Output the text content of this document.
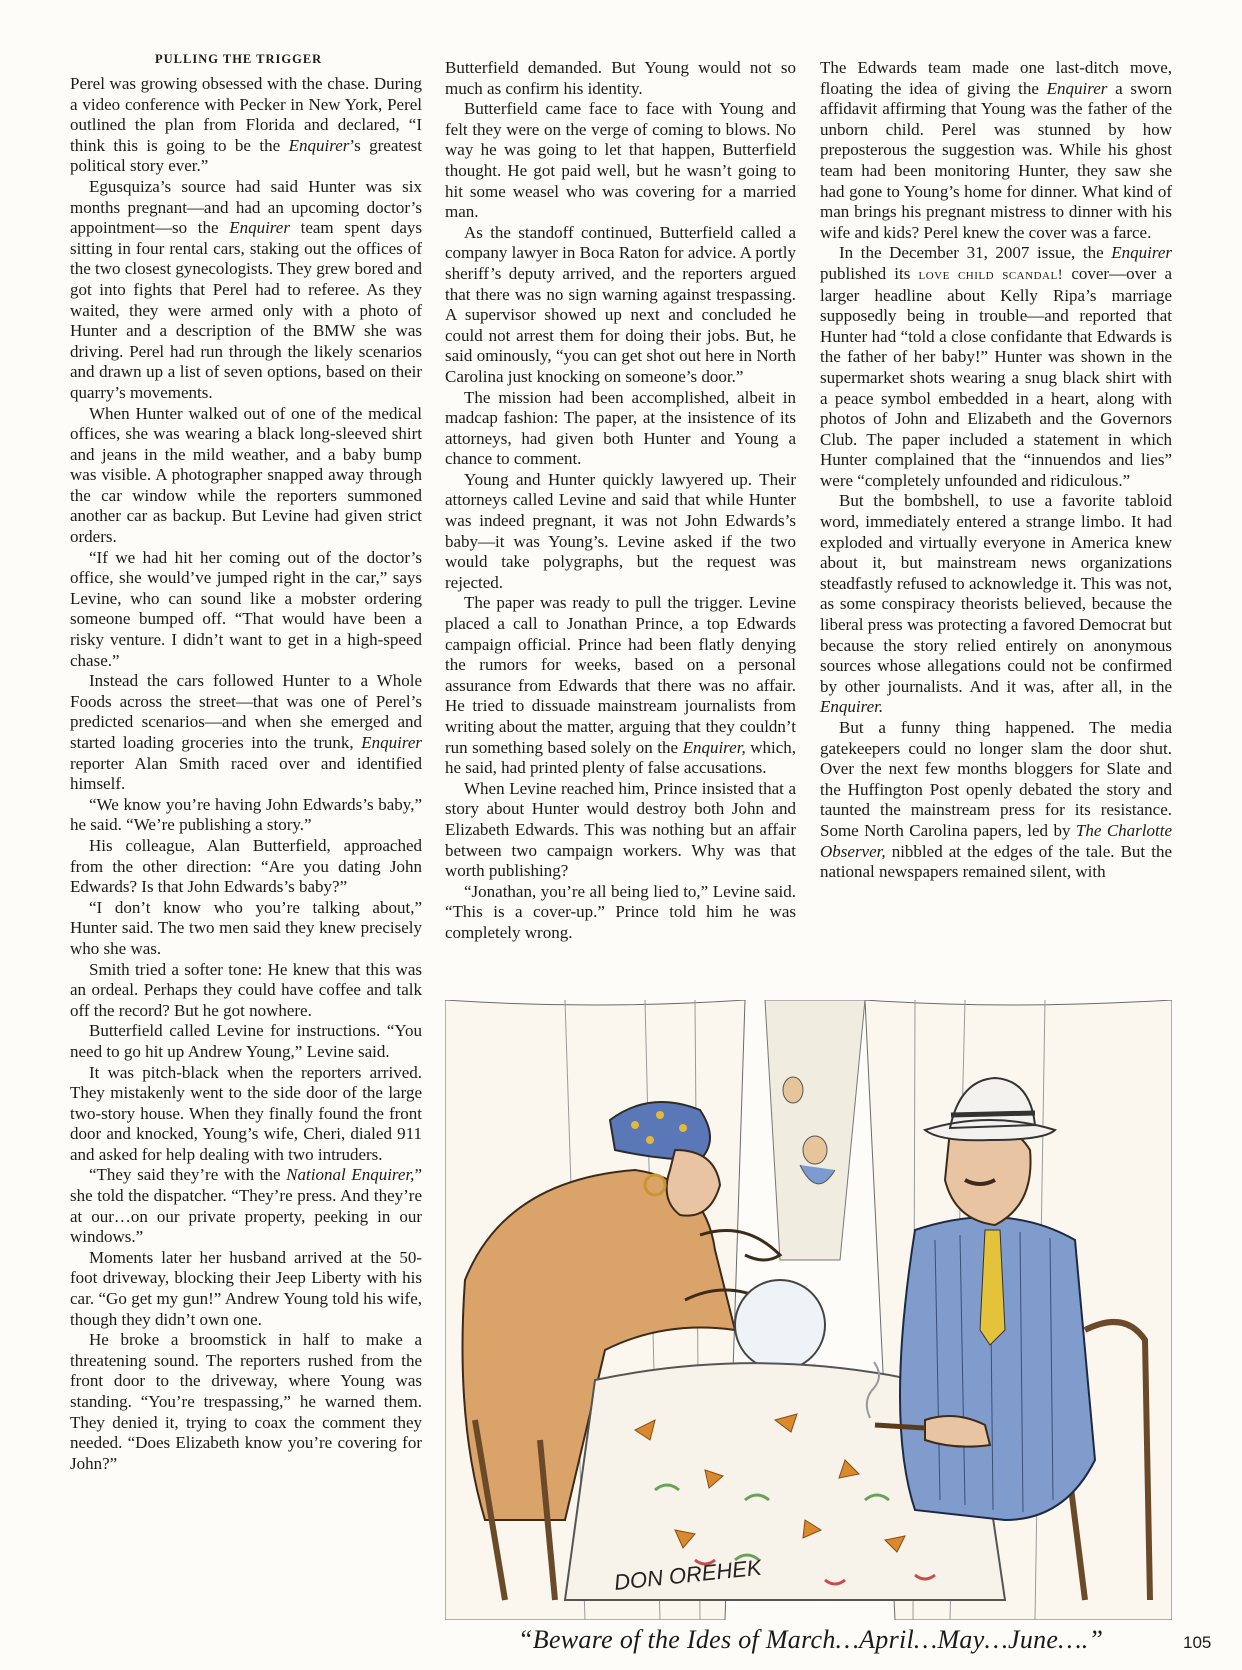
PULLING THE TRIGGER

Perel was growing obsessed with the chase. During a video conference with Pecker in New York, Perel outlined the plan from Florida and declared, “I think this is going to be the Enquirer’s greatest political story ever.”

Egusquiza’s source had said Hunter was six months pregnant—and had an upcoming doctor’s appointment—so the Enquirer team spent days sitting in four rental cars, staking out the offices of the two closest gynecologists. They grew bored and got into fights that Perel had to referee. As they waited, they were armed only with a photo of Hunter and a description of the BMW she was driving. Perel had run through the likely scenarios and drawn up a list of seven options, based on their quarry’s movements.

When Hunter walked out of one of the medical offices, she was wearing a black long-sleeved shirt and jeans in the mild weather, and a baby bump was visible. A photographer snapped away through the car window while the reporters summoned another car as backup. But Levine had given strict orders.

“If we had hit her coming out of the doctor’s office, she would’ve jumped right in the car,” says Levine, who can sound like a mobster ordering someone bumped off. “That would have been a risky venture. I didn’t want to get in a high-speed chase.”

Instead the cars followed Hunter to a Whole Foods across the street—that was one of Perel’s predicted scenarios—and when she emerged and started loading groceries into the trunk, Enquirer reporter Alan Smith raced over and identified himself.

“We know you’re having John Edwards’s baby,” he said. “We’re publishing a story.”

His colleague, Alan Butterfield, approached from the other direction: “Are you dating John Edwards? Is that John Edwards’s baby?”

“I don’t know who you’re talking about,” Hunter said. The two men said they knew precisely who she was.

Smith tried a softer tone: He knew that this was an ordeal. Perhaps they could have coffee and talk off the record? But he got nowhere.

Butterfield called Levine for instructions. “You need to go hit up Andrew Young,” Levine said.

It was pitch-black when the reporters arrived. They mistakenly went to the side door of the large two-story house. When they finally found the front door and knocked, Young’s wife, Cheri, dialed 911 and asked for help dealing with two intruders.

“They said they’re with the National Enquirer,” she told the dispatcher. “They’re press. And they’re at our…on our private property, peeking in our windows.”

Moments later her husband arrived at the 50-foot driveway, blocking their Jeep Liberty with his car. “Go get my gun!” Andrew Young told his wife, though they didn’t own one.

He broke a broomstick in half to make a threatening sound. The reporters rushed from the front door to the driveway, where Young was standing. “You’re trespassing,” he warned them. They denied it, trying to coax the comment they needed. “Does Elizabeth know you’re covering for John?”

Butterfield demanded. But Young would not so much as confirm his identity.

Butterfield came face to face with Young and felt they were on the verge of coming to blows. No way he was going to let that happen, Butterfield thought. He got paid well, but he wasn’t going to hit some weasel who was covering for a married man.

As the standoff continued, Butterfield called a company lawyer in Boca Raton for advice. A portly sheriff’s deputy arrived, and the reporters argued that there was no sign warning against trespassing. A supervisor showed up next and concluded he could not arrest them for doing their jobs. But, he said ominously, “you can get shot out here in North Carolina just knocking on someone’s door.”

The mission had been accomplished, albeit in madcap fashion: The paper, at the insistence of its attorneys, had given both Hunter and Young a chance to comment.

Young and Hunter quickly lawyered up. Their attorneys called Levine and said that while Hunter was indeed pregnant, it was not John Edwards’s baby—it was Young’s. Levine asked if the two would take polygraphs, but the request was rejected.

The paper was ready to pull the trigger. Levine placed a call to Jonathan Prince, a top Edwards campaign official. Prince had been flatly denying the rumors for weeks, based on a personal assurance from Edwards that there was no affair. He tried to dissuade mainstream journalists from writing about the matter, arguing that they couldn’t run something based solely on the Enquirer, which, he said, had printed plenty of false accusations.

When Levine reached him, Prince insisted that a story about Hunter would destroy both John and Elizabeth Edwards. This was nothing but an affair between two campaign workers. Why was that worth publishing?

“Jonathan, you’re all being lied to,” Levine said. “This is a cover-up.” Prince told him he was completely wrong.

The Edwards team made one last-ditch move, floating the idea of giving the Enquirer a sworn affidavit affirming that Young was the father of the unborn child. Perel was stunned by how preposterous the suggestion was. While his ghost team had been monitoring Hunter, they saw she had gone to Young’s home for dinner. What kind of man brings his pregnant mistress to dinner with his wife and kids? Perel knew the cover was a farce.

In the December 31, 2007 issue, the Enquirer published its love child scandal! cover—over a larger headline about Kelly Ripa’s marriage supposedly being in trouble—and reported that Hunter had “told a close confidante that Edwards is the father of her baby!” Hunter was shown in the supermarket shots wearing a snug black shirt with a peace symbol embedded in a heart, along with photos of John and Elizabeth and the Governors Club. The paper included a statement in which Hunter complained that the “innuendos and lies” were “completely unfounded and ridiculous.”

But the bombshell, to use a favorite tabloid word, immediately entered a strange limbo. It had exploded and virtually everyone in America knew about it, but mainstream news organizations steadfastly refused to acknowledge it. This was not, as some conspiracy theorists believed, because the liberal press was protecting a favored Democrat but because the story relied entirely on anonymous sources whose allegations could not be confirmed by other journalists. And it was, after all, in the Enquirer.

But a funny thing happened. The media gatekeepers could no longer slam the door shut. Over the next few months bloggers for Slate and the Huffington Post openly debated the story and taunted the mainstream press for its resistance. Some North Carolina papers, led by The Charlotte Observer, nibbled at the edges of the tale. But the national newspapers remained silent, with

DON OREHEK
“Beware of the Ides of March…April…May…June….”	105
